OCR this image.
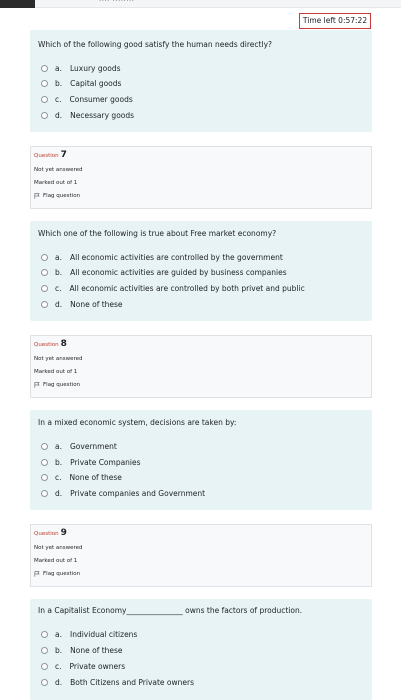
···· ········
Time left 0:57:22
Which of the following good satisfy the human needs directly?
a. Luxury goods
b. Capital goods
c. Consumer goods
d. Necessary goods
Question 7
Not yet answered
Marked out of 1
Flag question
Which one of the following is true about Free market economy?
a. All economic activities are controlled by the government
b. All economic activities are guided by business companies
c. All economic activities are controlled by both privet and public
d. None of these
Question 8
Not yet answered
Marked out of 1
Flag question
In a mixed economic system, decisions are taken by:
a. Government
b. Private Companies
c. None of these
d. Private companies and Government
Question 9
Not yet answered
Marked out of 1
Flag question
In a Capitalist Economy_______________ owns the factors of production.
a. Individual citizens
b. None of these
c. Private owners
d. Both Citizens and Private owners
